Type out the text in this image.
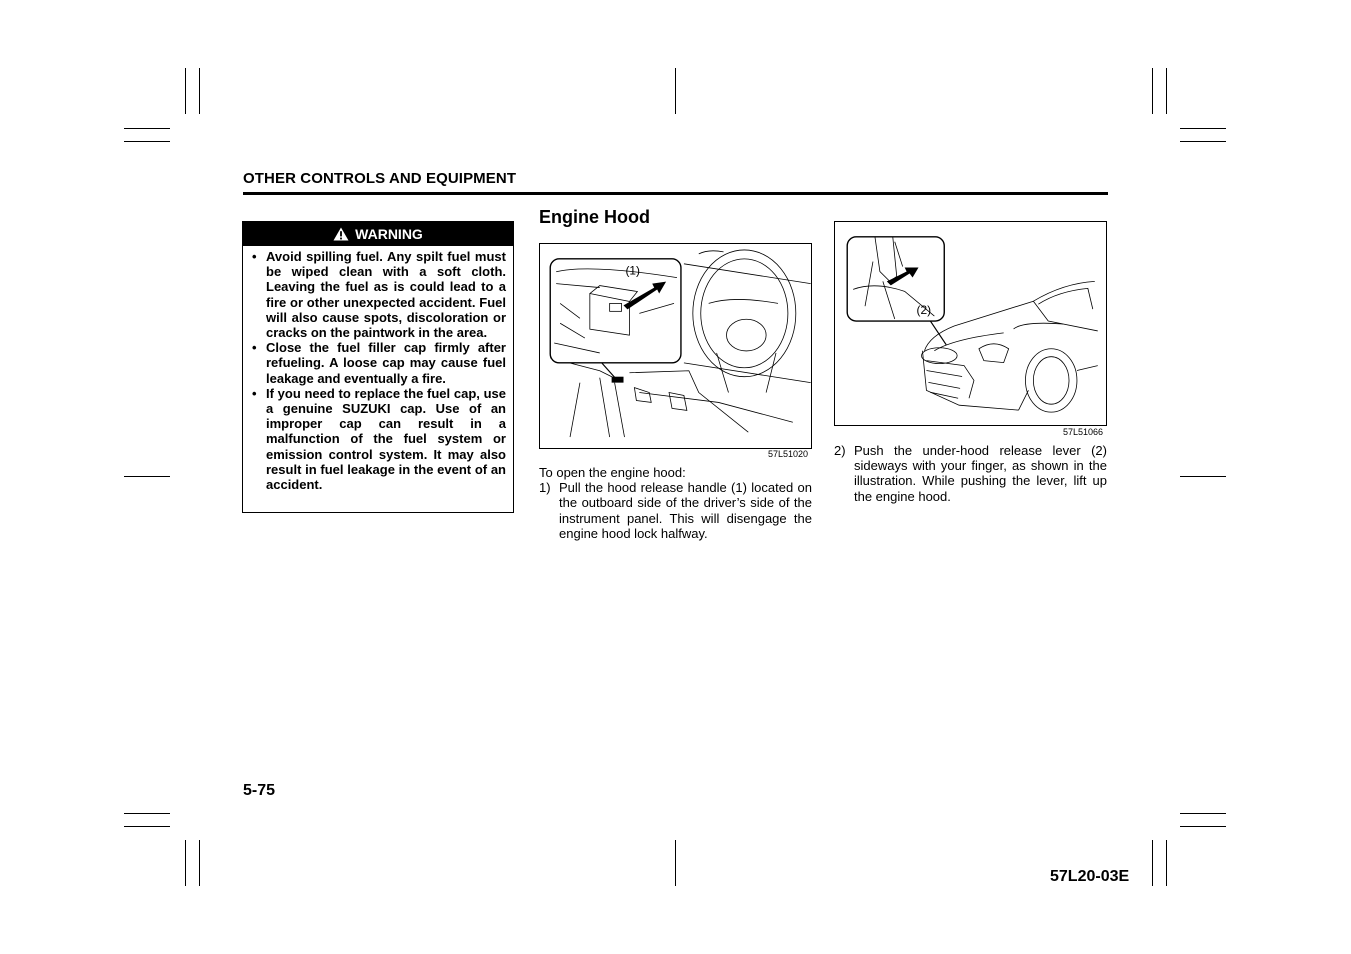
OTHER CONTROLS AND EQUIPMENT
WARNING
• Avoid spilling fuel. Any spilt fuel must be wiped clean with a soft cloth. Leaving the fuel as is could lead to a fire or other unexpected accident. Fuel will also cause spots, discoloration or cracks on the paintwork in the area.
• Close the fuel filler cap firmly after refueling. A loose cap may cause fuel leakage and eventually a fire.
• If you need to replace the fuel cap, use a genuine SUZUKI cap. Use of an improper cap can result in a malfunction of the fuel system or emission control system. It may also result in fuel leakage in the event of an accident.
Engine Hood
(1)
57L51020
(2)
57L51066
To open the engine hood:
1) Pull the hood release handle (1) located on the outboard side of the driver’s side of the instrument panel. This will disengage the engine hood lock halfway.
2) Push the under-hood release lever (2) sideways with your finger, as shown in the illustration. While pushing the lever, lift up the engine hood.
5-75
57L20-03E
